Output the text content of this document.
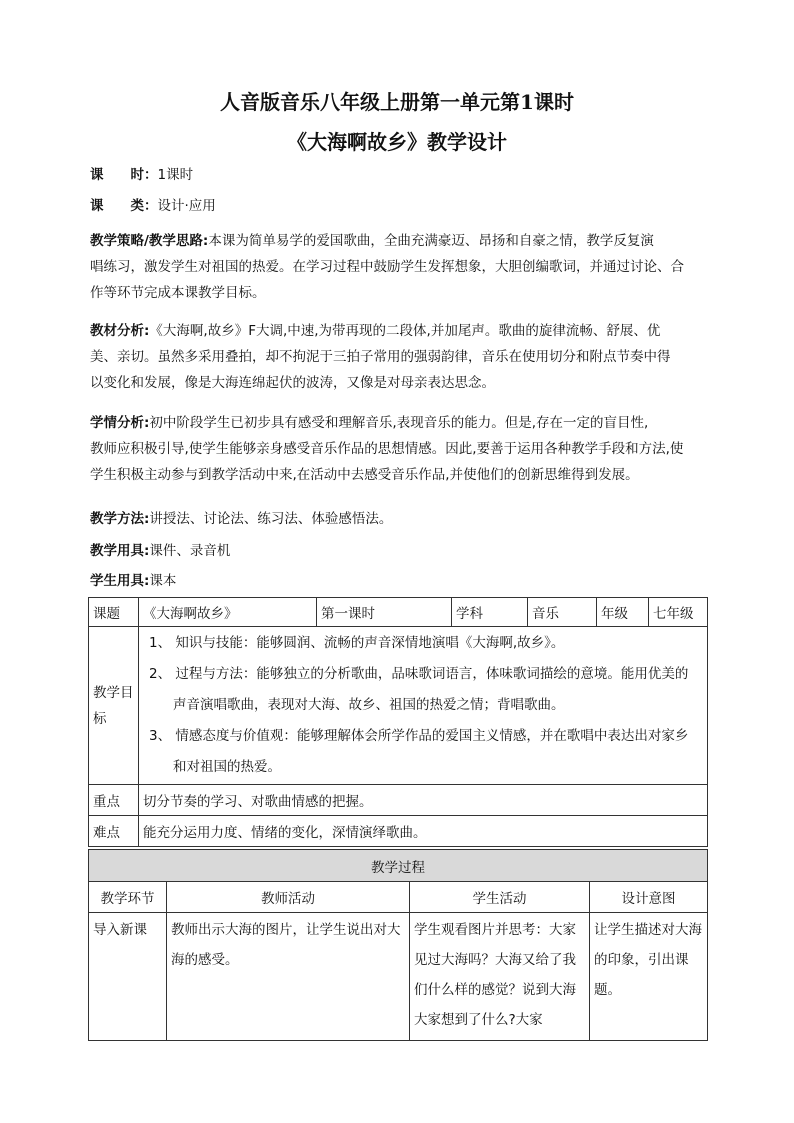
人音版音乐八年级上册第一单元第1课时
《大海啊故乡》教学设计

课　　时：1课时

课　　类：设计·应用

教学策略/教学思路:本课为简单易学的爱国歌曲，全曲充满豪迈、昂扬和自豪之情，教学反复演
唱练习，激发学生对祖国的热爱。在学习过程中鼓励学生发挥想象，大胆创编歌词，并通过讨论、合
作等环节完成本课教学目标。
教材分析:《大海啊,故乡》F大调,中速,为带再现的二段体,并加尾声。歌曲的旋律流畅、舒展、优
美、亲切。虽然多采用叠拍，却不拘泥于三拍子常用的强弱韵律，音乐在使用切分和附点节奏中得
以变化和发展，像是大海连绵起伏的波涛，又像是对母亲表达思念。
学情分析:初中阶段学生已初步具有感受和理解音乐,表现音乐的能力。但是,存在一定的盲目性,
教师应积极引导,使学生能够亲身感受音乐作品的思想情感。因此,要善于运用各种教学手段和方法,使
学生积极主动参与到教学活动中来,在活动中去感受音乐作品,并使他们的创新思维得到发展。
教学方法:讲授法、讨论法、练习法、体验感悟法。
教学用具:课件、录音机
学生用具:课本
课题	《大海啊故乡》	第一课时	学科	音乐	年级	七年级
教学目标	1、 知识与技能：能够圆润、流畅的声音深情地演唱《大海啊,故乡》。
2、 过程与方法：能够独立的分析歌曲，品味歌词语言，体味歌词描绘的意境。能用优美的
声音演唱歌曲，表现对大海、故乡、祖国的热爱之情；背唱歌曲。
3、 情感态度与价值观：能够理解体会所学作品的爱国主义情感，并在歌唱中表达出对家乡
和对祖国的热爱。					

重点	切分节奏的学习、对歌曲情感的把握。					
难点	能充分运用力度、情绪的变化，深情演绎歌曲。					
教学过程			
教学环节	教师活动	学生活动	设计意图
导入新课	教师出示大海的图片，让学生说出对大海的感受。	学生观看图片并思考：大家见过大海吗？大海又给了我们什么样的感觉？说到大海大家想到了什么?大家	让学生描述对大海的印象，引出课题。
